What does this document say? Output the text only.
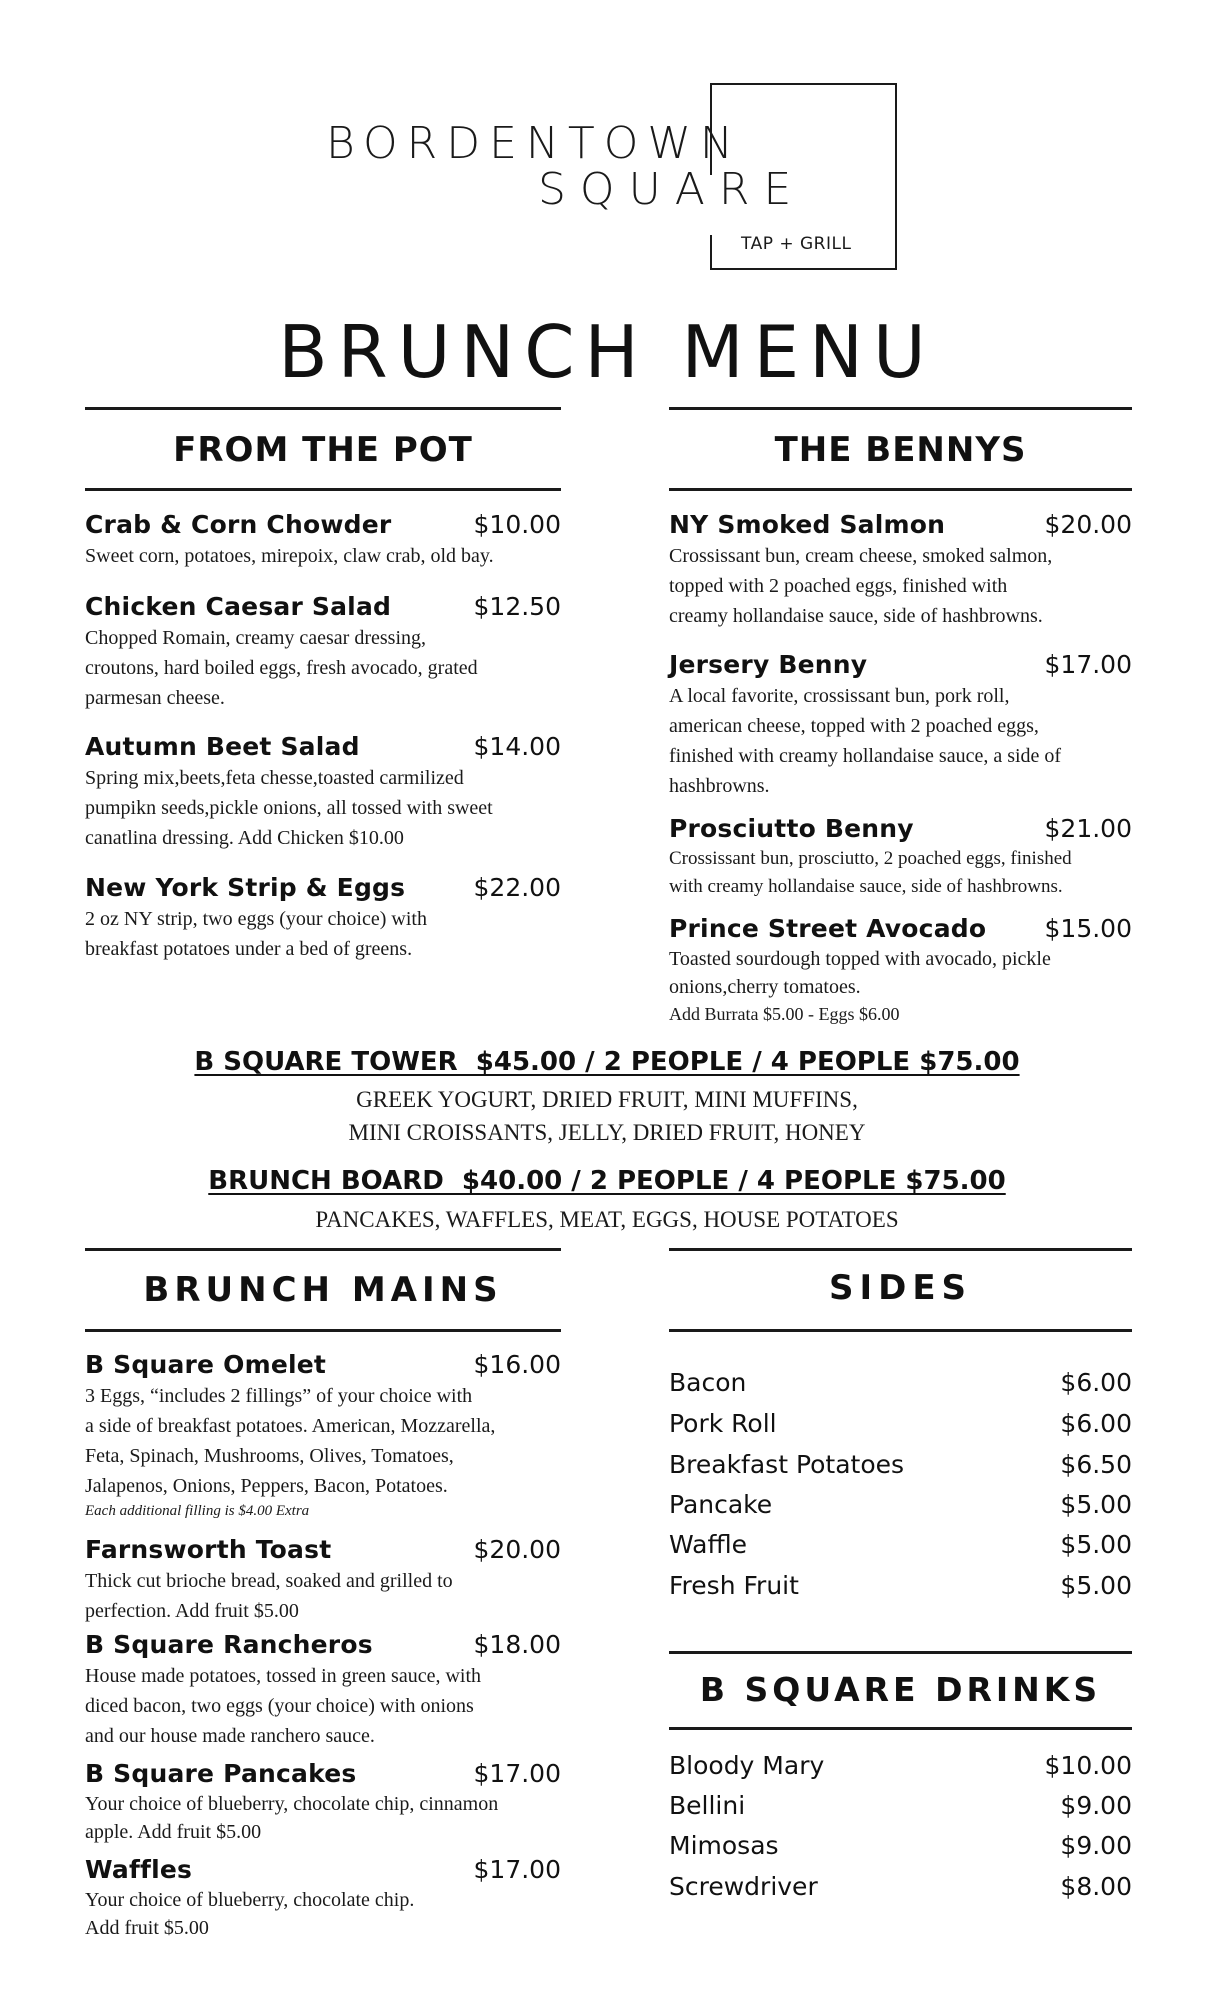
BORDENTOWN
SQUARE
TAP + GRILL
BRUNCH MENU
FROM THE POT
Crab & Corn Chowder	$10.00
Sweet corn, potatoes, mirepoix, claw crab, old bay.
Chicken Caesar Salad	$12.50
Chopped Romain, creamy caesar dressing,
croutons, hard boiled eggs, fresh avocado, grated
parmesan cheese.
Autumn Beet Salad	$14.00
Spring mix,beets,feta chesse,toasted carmilized
pumpikn seeds,pickle onions, all tossed with sweet
canatlina dressing. Add Chicken $10.00
New York Strip & Eggs	$22.00
2 oz NY strip, two eggs (your choice) with
breakfast potatoes under a bed of greens.
THE BENNYS
NY Smoked Salmon	$20.00
Crossissant bun, cream cheese, smoked salmon,
topped with 2 poached eggs, finished with
creamy hollandaise sauce, side of hashbrowns.
Jersery Benny	$17.00
A local favorite, crossissant bun, pork roll,
american cheese, topped with 2 poached eggs,
finished with creamy hollandaise sauce, a side of
hashbrowns.
Prosciutto Benny	$21.00
Crossissant bun, prosciutto, 2 poached eggs, finished
with creamy hollandaise sauce, side of hashbrowns.
Prince Street Avocado $15.00
Toasted sourdough topped with avocado, pickle
onions,cherry tomatoes.
Add Burrata $5.00 - Eggs $6.00
B SQUARE TOWER  $45.00 / 2 PEOPLE / 4 PEOPLE $75.00
GREEK YOGURT, DRIED FRUIT, MINI MUFFINS,
MINI CROISSANTS, JELLY, DRIED FRUIT, HONEY
BRUNCH BOARD  $40.00 / 2 PEOPLE / 4 PEOPLE $75.00
PANCAKES, WAFFLES, MEAT, EGGS, HOUSE POTATOES
BRUNCH MAINS
B Square Omelet	$16.00
3 Eggs, “includes 2 fillings” of your choice with
a side of breakfast potatoes. American, Mozzarella,
Feta, Spinach, Mushrooms, Olives, Tomatoes,
Jalapenos, Onions, Peppers, Bacon, Potatoes.
Each additional filling is $4.00 Extra
Farnsworth Toast	$20.00
Thick cut brioche bread, soaked and grilled to
perfection. Add fruit $5.00
B Square Rancheros	$18.00
House made potatoes, tossed in green sauce, with
diced bacon, two eggs (your choice) with onions
and our house made ranchero sauce.
B Square Pancakes	$17.00
Your choice of blueberry, chocolate chip, cinnamon
apple. Add fruit $5.00
Waffles	$17.00
Your choice of blueberry, chocolate chip.
Add fruit $5.00
SIDES
Bacon	$6.00
Pork Roll	$6.00
Breakfast Potatoes	$6.50
Pancake	$5.00
Waffle	$5.00
Fresh Fruit	$5.00
B SQUARE DRINKS
Bloody Mary	$10.00
Bellini	$9.00
Mimosas	$9.00
Screwdriver	$8.00
